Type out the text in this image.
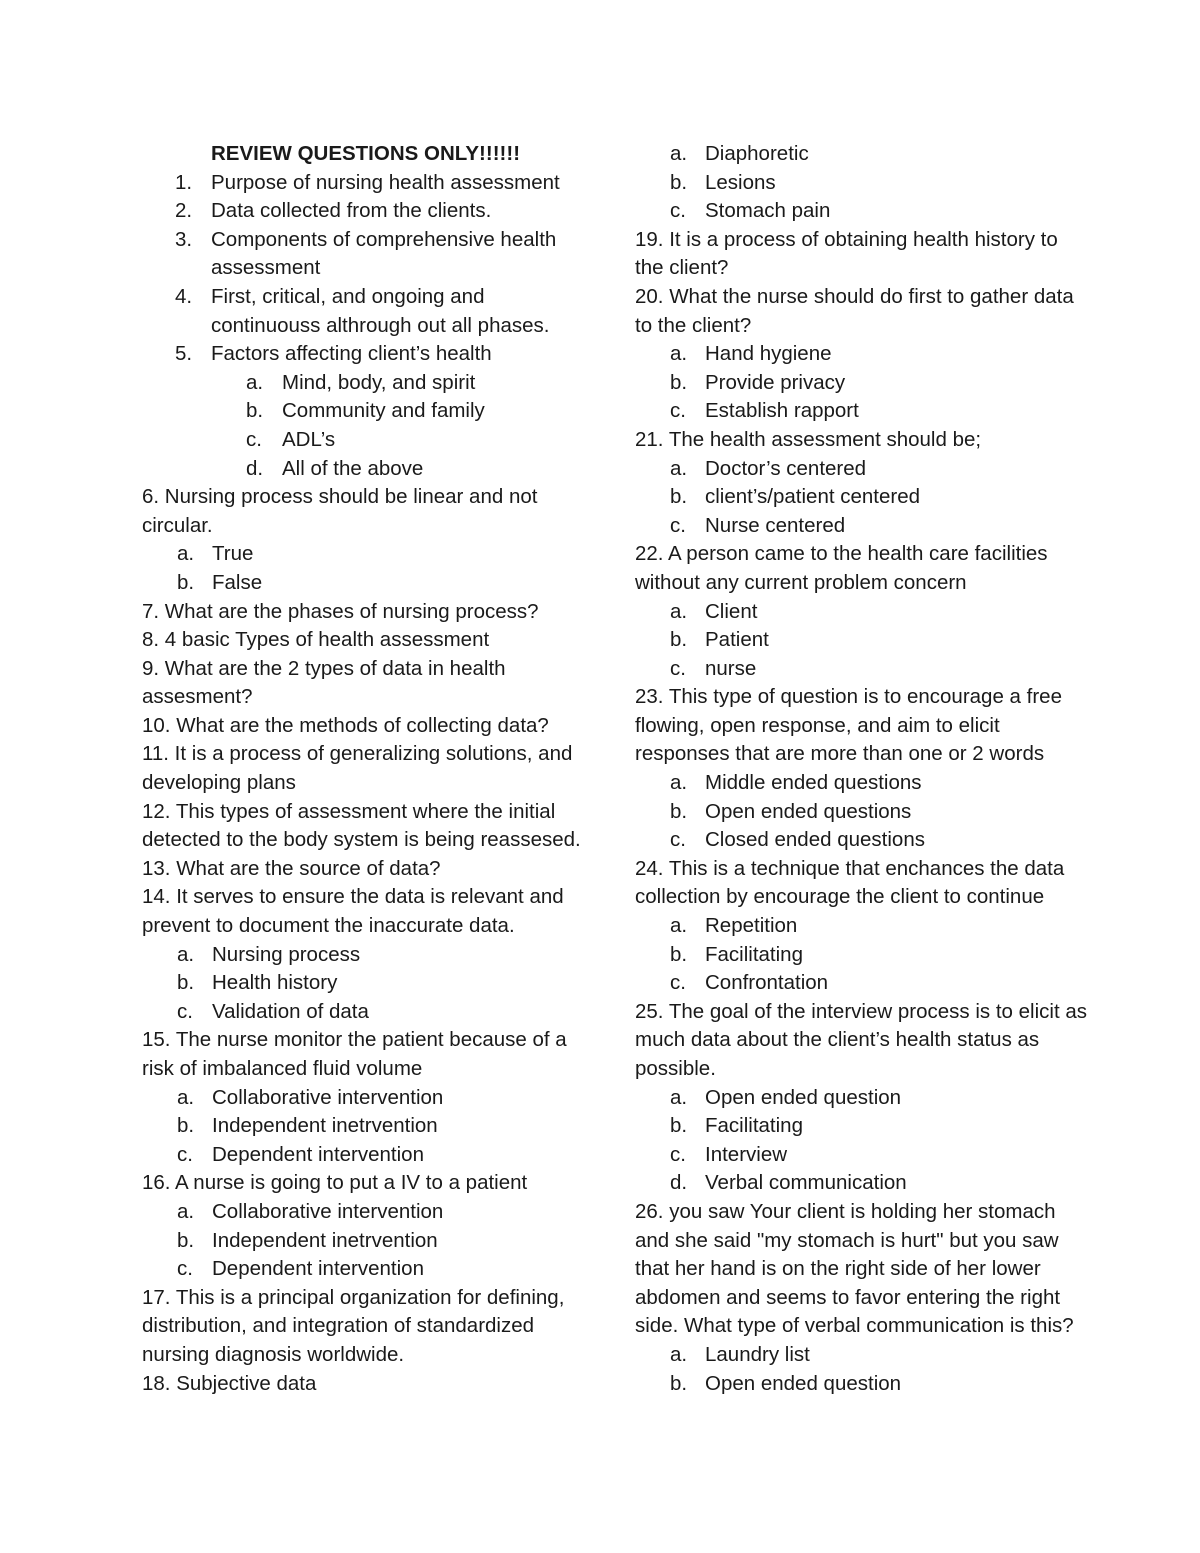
REVIEW QUESTIONS ONLY!!!!!!
1. Purpose of nursing health assessment
2. Data collected from the clients.
3. Components of comprehensive health
assessment
4. First, critical, and ongoing and
continuouss althrough out all phases.
5. Factors affecting client’s health
a. Mind, body, and spirit
b. Community and family
c. ADL’s
d. All of the above
6. Nursing process should be linear and not
circular.
a. True
b. False
7. What are the phases of nursing process?
8. 4 basic Types of health assessment
9. What are the 2 types of data in health
assesment?
10. What are the methods of collecting data?
11. It is a process of generalizing solutions, and
developing plans
12. This types of assessment where the initial
detected to the body system is being reassesed.
13. What are the source of data?
14. It serves to ensure the data is relevant and
prevent to document the inaccurate data.
a. Nursing process
b. Health history
c. Validation of data
15. The nurse monitor the patient because of a
risk of imbalanced fluid volume
a. Collaborative intervention
b. Independent inetrvention
c. Dependent intervention
16. A nurse is going to put a IV to a patient
a. Collaborative intervention
b. Independent inetrvention
c. Dependent intervention
17. This is a principal organization for defining,
distribution, and integration of standardized
nursing diagnosis worldwide.
18. Subjective data
a. Diaphoretic
b. Lesions
c. Stomach pain
19. It is a process of obtaining health history to
the client?
20. What the nurse should do first to gather data
to the client?
a. Hand hygiene
b. Provide privacy
c. Establish rapport
21. The health assessment should be;
a. Doctor’s centered
b. client’s/patient centered
c. Nurse centered
22. A person came to the health care facilities
without any current problem concern
a. Client
b. Patient
c. nurse
23. This type of question is to encourage a free
flowing, open response, and aim to elicit
responses that are more than one or 2 words
a. Middle ended questions
b. Open ended questions
c. Closed ended questions
24. This is a technique that enchances the data
collection by encourage the client to continue
a. Repetition
b. Facilitating
c. Confrontation
25. The goal of the interview process is to elicit as
much data about the client’s health status as
possible.
a. Open ended question
b. Facilitating
c. Interview
d. Verbal communication
26. you saw Your client is holding her stomach
and she said "my stomach is hurt" but you saw
that her hand is on the right side of her lower
abdomen and seems to favor entering the right
side. What type of verbal communication is this?
a. Laundry list
b. Open ended question
